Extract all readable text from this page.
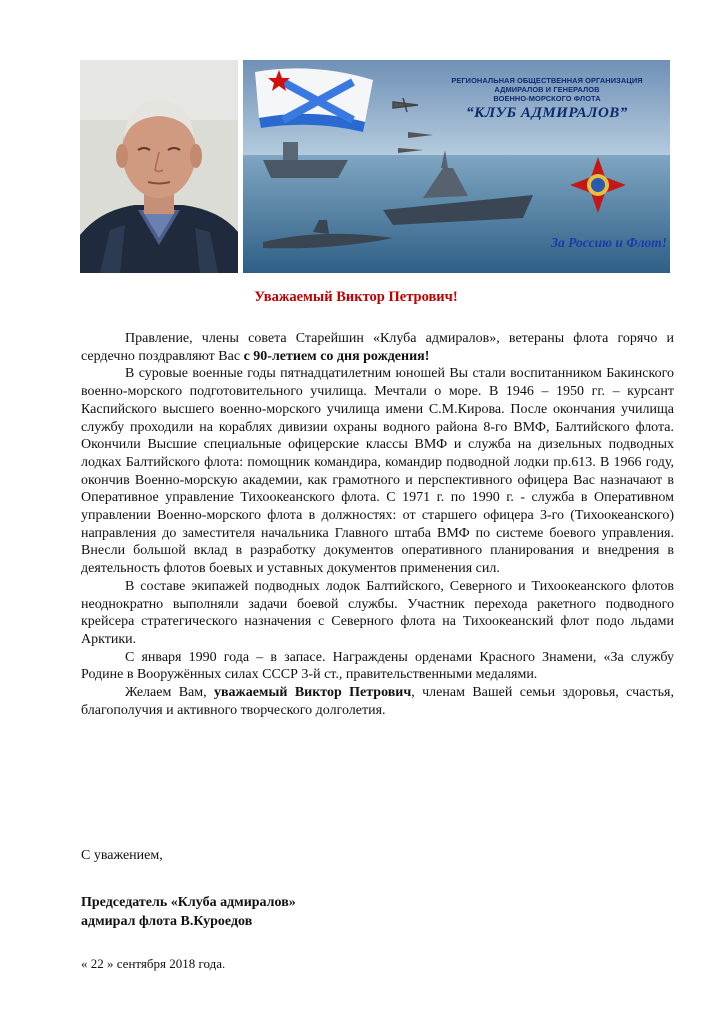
РЕГИОНАЛЬНАЯ ОБЩЕСТВЕННАЯ ОРГАНИЗАЦИЯ
АДМИРАЛОВ И ГЕНЕРАЛОВ
ВОЕННО-МОРСКОГО ФЛОТА
“КЛУБ АДМИРАЛОВ”
За Россию и Флот!
Уважаемый Виктор Петрович!

Правление, члены совета Старейшин «Клуба адмиралов», ветераны флота горячо и сердечно поздравляют Вас с 90-летием со дня рождения!

В суровые военные годы пятнадцатилетним юношей Вы стали воспитанником Бакинского военно-морского подготовительного училища. Мечтали о море. В 1946 – 1950 гг. – курсант Каспийского высшего военно-морского училища имени С.М.Кирова. После окончания училища службу проходили на кораблях дивизии охраны водного района 8-го ВМФ, Балтийского флота. Окончили Высшие специальные офицерские классы ВМФ и служба на дизельных подводных лодках Балтийского флота: помощник командира, командир подводной лодки пр.613. В 1966 году, окончив Военно-морскую академии, как грамотного и перспективного офицера Вас назначают в Оперативное управление Тихоокеанского флота. С 1971 г. по 1990 г. - служба в Оперативном управлении Военно-морского флота в должностях: от старшего офицера 3-го (Тихоокеанского) направления до заместителя начальника Главного штаба ВМФ по системе боевого управления. Внесли большой вклад в разработку документов оперативного планирования и внедрения в деятельность флотов боевых и уставных документов применения сил.

В составе экипажей подводных лодок Балтийского, Северного и Тихоокеанского флотов неоднократно выполняли задачи боевой службы. Участник перехода ракетного подводного крейсера стратегического назначения с Северного флота на Тихоокеанский флот подо льдами Арктики.

С января 1990 года – в запасе. Награждены орденами Красного Знамени, «За службу Родине в Вооружённых силах СССР 3-й ст., правительственными медалями.

Желаем Вам, уважаемый Виктор Петрович, членам Вашей семьи здоровья, счастья, благополучия и активного творческого долголетия.

С уважением,
Председатель «Клуба адмиралов»
адмирал флота В.Куроедов
« 22 » сентября 2018 года.
